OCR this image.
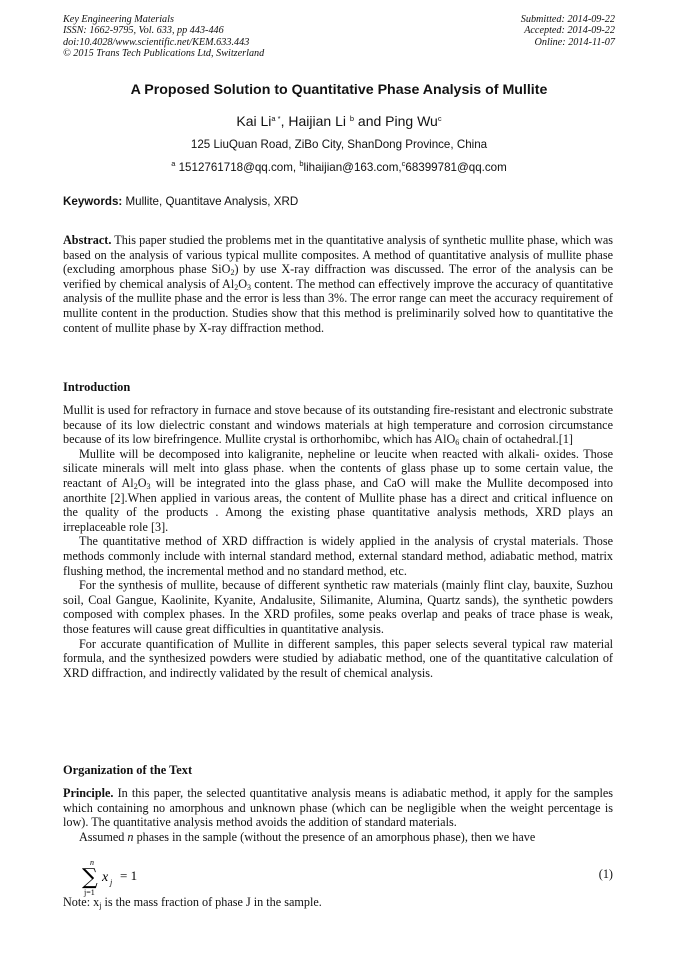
Key Engineering Materials
ISSN: 1662-9795, Vol. 633, pp 443-446
doi:10.4028/www.scientific.net/KEM.633.443
© 2015 Trans Tech Publications Ltd, Switzerland
Submitted: 2014-09-22
Accepted: 2014-09-22
Online: 2014-11-07
A Proposed Solution to Quantitative Phase Analysis of Mullite
Kai $Li^{a *}$, Haijian Li $^b$ and Ping Wu$^c$
125 LiuQuan Road, ZiBo City, ShanDong Province, China
$^a$ 1512761718@qq.com, $^b$lihaijian@163.com,$^c$68399781@qq.com
Keywords: Mullite, Quantitave Analysis, XRD

Abstract. This paper studied the problems met in the quantitative analysis of synthetic mullite phase, which was based on the analysis of various typical mullite composites. A method of quantitative analysis of mullite phase (excluding amorphous phase SiO$_2$) by use X-ray diffraction was discussed. The error of the analysis can be verified by chemical analysis of $Al_2O_3$ content. The method can effectively improve the accuracy of quantitative analysis of the mullite phase and the error is less than 3%. The error range can meet the accuracy requirement of mullite content in the production. Studies show that this method is preliminarily solved how to quantitative the content of mullite phase by X-ray diffraction method.

Introduction

Mullit is used for refractory in furnace and stove because of its outstanding fire-resistant and electronic substrate because of its low dielectric constant and windows materials at high temperature and corrosion circumstance because of its low birefringence. Mullite crystal is orthorhomibc, which has AlO$_6$ chain of octahedral.[1]

Mullite will be decomposed into kaligranite, nepheline or leucite when reacted with alkali- oxides. Those silicate minerals will melt into glass phase. when the contents of glass phase up to some certain value, the reactant of $Al_2O_3$ will be integrated into the glass phase, and CaO will make the Mullite decomposed into anorthite [2].When applied in various areas, the content of Mullite phase has a direct and critical influence on the quality of the products . Among the existing phase quantitative analysis methods, XRD plays an irreplaceable role [3].

The quantitative method of XRD diffraction is widely applied in the analysis of crystal materials. Those methods commonly include with internal standard method, external standard method, adiabatic method, matrix flushing method, the incremental method and no standard method, etc.

For the synthesis of mullite, because of different synthetic raw materials (mainly flint clay, bauxite, Suzhou soil, Coal Gangue, Kaolinite, Kyanite, Andalusite, Silimanite, Alumina, Quartz sands), the synthetic powders composed with complex phases. In the XRD profiles, some peaks overlap and peaks of trace phase is weak, those features will cause great difficulties in quantitative analysis.

For accurate quantification of Mullite in different samples, this paper selects several typical raw material formula, and the synthesized powders were studied by adiabatic method, one of the quantitative calculation of XRD diffraction, and indirectly validated by the result of chemical analysis.

Organization of the Text

Principle. In this paper, the selected quantitative analysis means is adiabatic method, it apply for the samples which containing no amorphous and unknown phase (which can be negligible when the weight percentage is low). The quantitative analysis method avoids the addition of standard materials.

Assumed n phases in the sample (without the presence of an amorphous phase), then we have

n
∑
j=1
x j = 1	(1)

Note: $x_j$ is the mass fraction of phase J in the sample.
